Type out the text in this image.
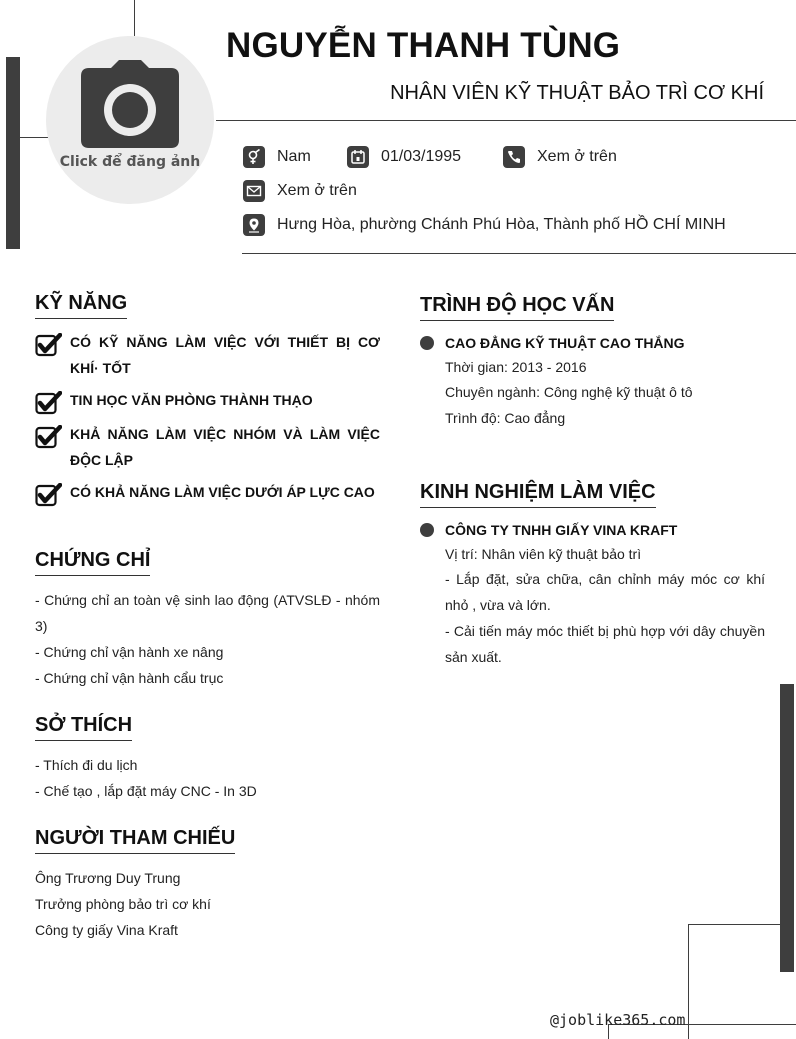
Click để đăng ảnh
NGUYỄN THANH TÙNG
NHÂN VIÊN KỸ THUẬT BẢO TRÌ CƠ KHÍ
Nam	01/03/1995	Xem ở trên
Xem ở trên
Hưng Hòa, phường Chánh Phú Hòa, Thành phố HỒ CHÍ MINH
KỸ NĂNG
CÓ KỸ NĂNG LÀM VIỆC VỚI THIẾT BỊ CƠ KHÍ· TỐT
TIN HỌC VĂN PHÒNG THÀNH THẠO
KHẢ NĂNG LÀM VIỆC NHÓM VÀ LÀM VIỆC ĐỘC LẬP
CÓ KHẢ NĂNG LÀM VIỆC DƯỚI ÁP LỰC CAO
CHỨNG CHỈ
- Chứng chỉ an toàn vệ sinh lao động (ATVSLĐ - nhóm 3)
- Chứng chỉ vận hành xe nâng
- Chứng chỉ vận hành cẩu trục
SỞ THÍCH
- Thích đi du lịch
- Chế tạo , lắp đặt máy CNC - In 3D
NGƯỜI THAM CHIẾU
Ông Trương Duy Trung
Trưởng phòng bảo trì cơ khí
Công ty giấy Vina Kraft
TRÌNH ĐỘ HỌC VẤN
CAO ĐẲNG KỸ THUẬT CAO THẮNG
Thời gian: 2013 - 2016
Chuyên ngành: Công nghệ kỹ thuật ô tô
Trình độ: Cao đẳng
KINH NGHIỆM LÀM VIỆC
CÔNG TY TNHH GIẤY VINA KRAFT
Vị trí: Nhân viên kỹ thuật bảo trì
- Lắp đặt, sửa chữa, cân chỉnh máy móc cơ khí nhỏ , vừa và lớn.
- Cải tiến máy móc thiết bị phù hợp với dây chuyền sản xuất.
@joblike365.com
